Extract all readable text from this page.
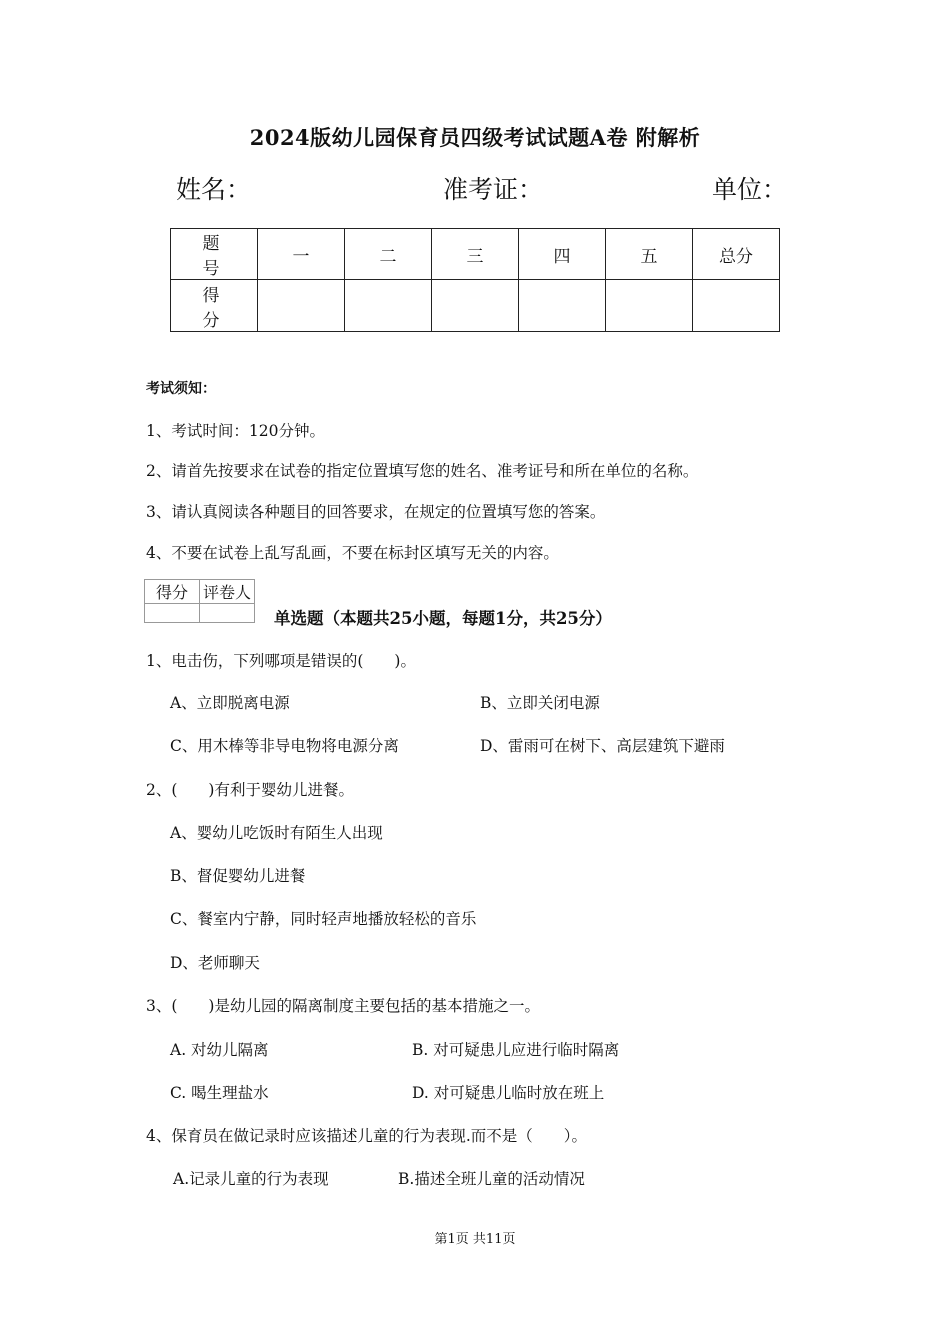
2024版幼儿园保育员四级考试试题A卷 附解析
姓名：	准考证：	单位：
题　号	一	二	三	四	五	总分
得　分						
考试须知：
1、考试时间：120分钟。
2、请首先按要求在试卷的指定位置填写您的姓名、准考证号和所在单位的名称。
3、请认真阅读各种题目的回答要求，在规定的位置填写您的答案。
4、不要在试卷上乱写乱画，不要在标封区填写无关的内容。
得分	评卷人

单选题（本题共25小题，每题1分，共25分）
1、电击伤，下列哪项是错误的(　　)。
A、立即脱离电源	B、立即关闭电源
C、用木棒等非导电物将电源分离	D、雷雨可在树下、高层建筑下避雨
2、(　　)有利于婴幼儿进餐。
A、婴幼儿吃饭时有陌生人出现
B、督促婴幼儿进餐
C、餐室内宁静，同时轻声地播放轻松的音乐
D、老师聊天
3、(　　)是幼儿园的隔离制度主要包括的基本措施之一。
A. 对幼儿隔离	B. 对可疑患儿应进行临时隔离
C. 喝生理盐水	D. 对可疑患儿临时放在班上
4、保育员在做记录时应该描述儿童的行为表现.而不是（　　）。
A.记录儿童的行为表现	B.描述全班儿童的活动情况
第1页 共11页
